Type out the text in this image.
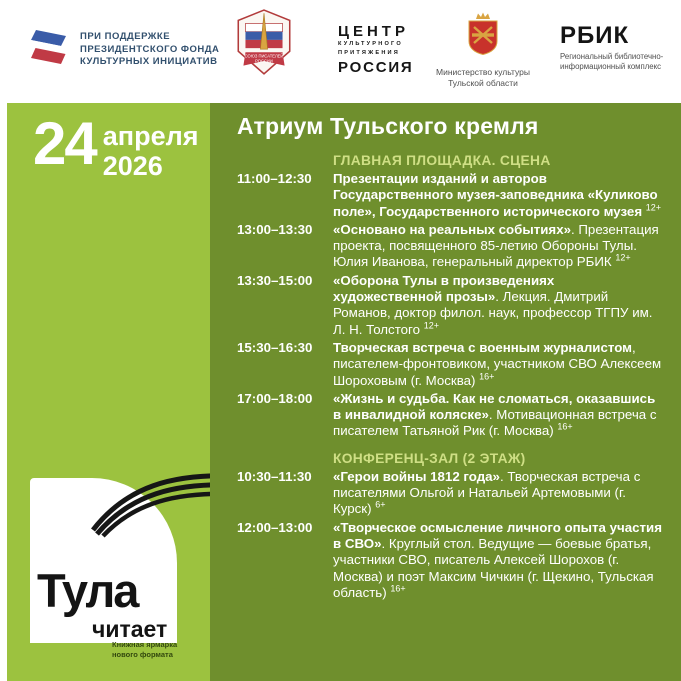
ПРИ ПОДДЕРЖКЕ
ПРЕЗИДЕНТСКОГО ФОНДА
КУЛЬТУРНЫХ ИНИЦИАТИВ
СОЮЗ ПИСАТЕЛЕЙ
РОССИИ
ЦЕНТР
КУЛЬТУРНОГО
ПРИТЯЖЕНИЯ
РОССИЯ	Министерство культуры
Тульской области
РБИК
Региональный библиотечно-
информационный комплекс
24 апреля
2026
Тула
читает
Книжная ярмарка
нового формата
Атриум Тульского кремля
ГЛАВНАЯ ПЛОЩАДКА. СЦЕНА
11:00–12:30	Презентации изданий и авторов Государственного музея-заповедника «Куликово поле», Государственного исторического музея $^{12+}$
13:00–13:30	«Основано на реальных событиях». Презентация проекта, посвященного 85-летию Обороны Тулы. Юлия Иванова, генеральный директор РБИК $^{12+}$
13:30–15:00	«Оборона Тулы в произведениях художественной прозы». Лекция. Дмитрий Романов, доктор филол. наук, профессор ТГПУ им. Л. Н. Толстого $^{12+}$
15:30–16:30	Творческая встреча с военным журналистом, писателем-фронтовиком, участником СВО Алексеем Шороховым (г. Москва) $^{16+}$
17:00–18:00	«Жизнь и судьба. Как не сломаться, оказавшись в инвалидной коляске». Мотивационная встреча с писателем Татьяной Рик (г. Москва) $^{16+}$
КОНФЕРЕНЦ-ЗАЛ (2 ЭТАЖ)
10:30–11:30	«Герои войны 1812 года». Творческая встреча с писателями Ольгой и Натальей Артемовыми (г. Курск) $^{6+}$
12:00–13:00	«Творческое осмысление личного опыта участия в СВО». Круглый стол. Ведущие — боевые братья, участники СВО, писатель Алексей Шорохов (г. Москва) и поэт Максим Чичкин (г. Щекино, Тульская область) $^{16+}$
